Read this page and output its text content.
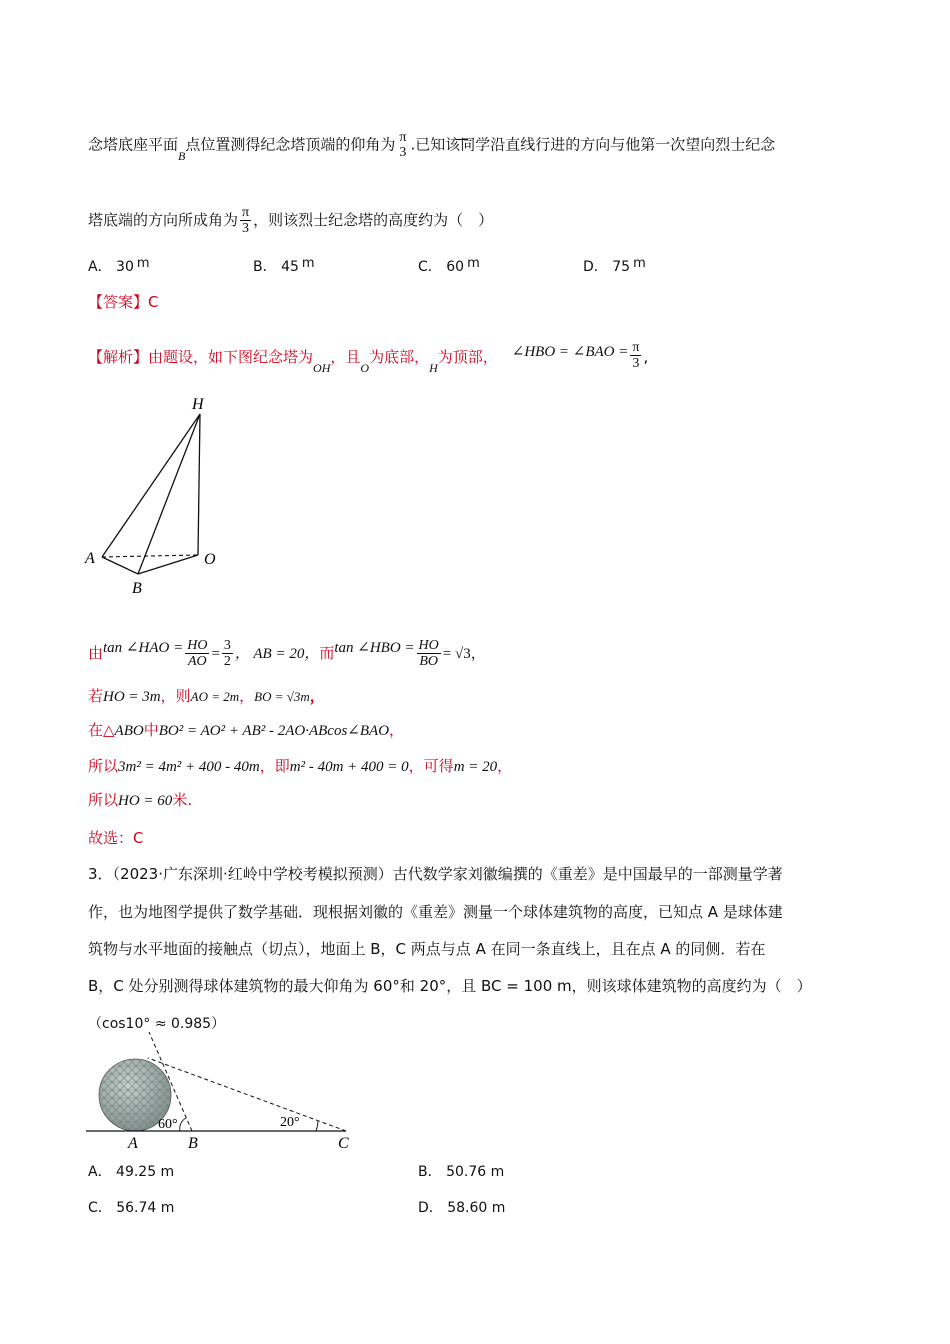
念塔底座平面$_B$点位置测得纪念塔顶端的仰角为 π
3 .已知该同学沿直线行进的方向与他第一次望向烈士纪念
塔底端的方向所成角为 $\frac{\pi}{3}$ ，则该烈士纪念塔的高度约为（　）
A． 30 m	B． 45 m	C． 60 m	D． 75 m
【答案】C
【解析】由题设，如下图纪念塔为$_{OH}$，且$_O$为底部，$_H$为顶部， ∠HBO = ∠BAO = $\frac{\pi}{3}$ ,
H
A	O
B
由tan ∠HAO = $\frac{HO}{AO} = \frac{3}{2}$ ， AB = 20，而tan ∠HBO = $\frac{HO}{BO} = √3$，
若HO = 3m，则AO = 2m，BO = √3m，
在△ABO中BO² = AO² + AB² - 2AO·ABcos∠BAO，
所以3m² = 4m² + 400 - 40m，即m² - 40m + 400 = 0，可得m = 20，
所以HO = 60米.
故选：C
3．（2023·广东深圳·红岭中学校考模拟预测）古代数学家刘徽编撰的《重差》是中国最早的一部测量学著
作，也为地图学提供了数学基础．现根据刘徽的《重差》测量一个球体建筑物的高度，已知点 A 是球体建
筑物与水平地面的接触点（切点），地面上 B，C 两点与点 A 在同一条直线上，且在点 A 的同侧．若在
B，C 处分别测得球体建筑物的最大仰角为 60°和 20°，且 BC = 100 m，则该球体建筑物的高度约为（　）
（cos10° ≈ 0.985）
60°	20°
A	B	C
A． 49.25 m	B． 50.76 m
C． 56.74 m	D． 58.60 m
